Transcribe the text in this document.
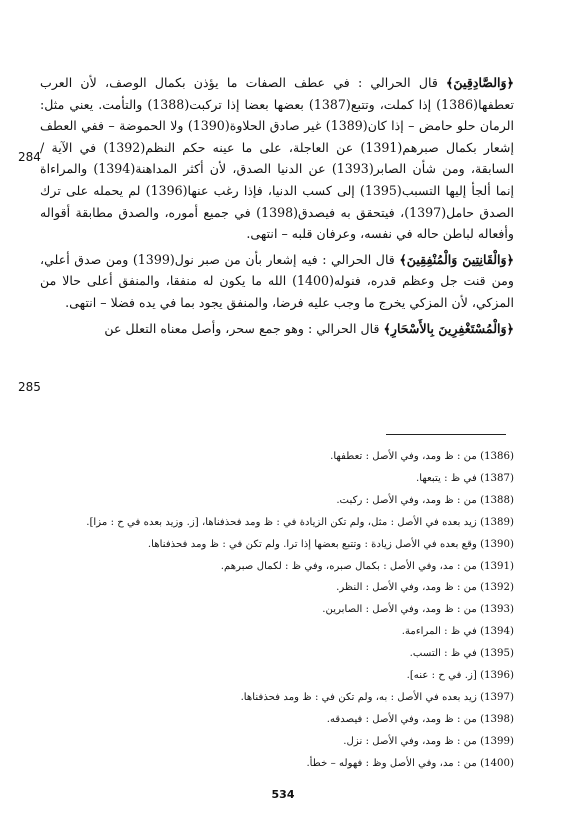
﴿وَالصَّادِقِينَ﴾ قال الحرالي : في عطف الصفات ما يؤذن بكمال الوصف، لأن العرب تعطفها(1386) إذا كملت، وتتبع(1387) بعضها بعضا إذا تركبت(1388) والتأمت. يعني مثل: الرمان حلو حامض – إذا كان(1389) غير صادق الحلاوة(1390) ولا الحموضة – ففي العطف إشعار بكمال صبرهم(1391) عن العاجلة، على ما عينه حكم النظم(1392) في الآية / السابقة، ومن شأن الصابر(1393) عن الدنيا الصدق، لأن أكثر المداهنة(1394) والمراءاة إنما ألجأ إليها التسبب(1395) إلى كسب الدنيا، فإذا رغب عنها(1396) لم يحمله على ترك الصدق حامل(1397)، فيتحقق به فيصدق(1398) في جميع أموره، والصدق مطابقة أقواله وأفعاله لباطن حاله في نفسه، وعرفان قلبه – انتهى.

﴿وَالْقَانِتِينَ وَالْمُنْفِقِينَ﴾ قال الحرالي : فيه إشعار بأن من صبر نول(1399) ومن صدق أعلي، ومن قنت جل وعظم قدره، فنوله(1400) الله ما يكون له منفقا، والمنفق أعلى حالا من المزكي، لأن المزكي يخرج ما وجب عليه فرضا، والمنفق يجود بما في يده فضلا – انتهى.

﴿وَالْمُسْتَغْفِرِينَ بِالأَسْحَارِ﴾ قال الحرالي : وهو جمع سحر، وأصل معناه التعلل عن

284
285
(1386) من : ظ ومد، وفي الأصل : تعطفها.
(1387) في ظ : يتبعها.
(1388) من : ظ ومد، وفي الأصل : ركبت.
(1389) زيد بعده في الأصل : مثل، ولم تكن الزيادة في : ظ ومد فحذفناها، [ز. وزيد بعده في ح : مزا].
(1390) وقع بعده في الأصل زيادة : وتتبع بعضها إذا ترا. ولم تكن في : ظ ومد فحذفناها.
(1391) من : مد، وفي الأصل : بكمال صبره، وفي ظ : لكمال صبرهم.
(1392) من : ظ ومد، وفي الأصل : النظر.
(1393) من : ظ ومد، وفي الأصل : الصابرين.
(1394) في ظ : المراءمة.
(1395) في ظ : التسب.
(1396) [ز. في ح : عنه].
(1397) زيد بعده في الأصل : به، ولم تكن في : ظ ومد فحذفناها.
(1398) من : ظ ومد، وفي الأصل : فيصدقه.
(1399) من : ظ ومد، وفي الأصل : نزل.
(1400) من : مد، وفي الأصل وظ : فهوله – خطأ.
534
